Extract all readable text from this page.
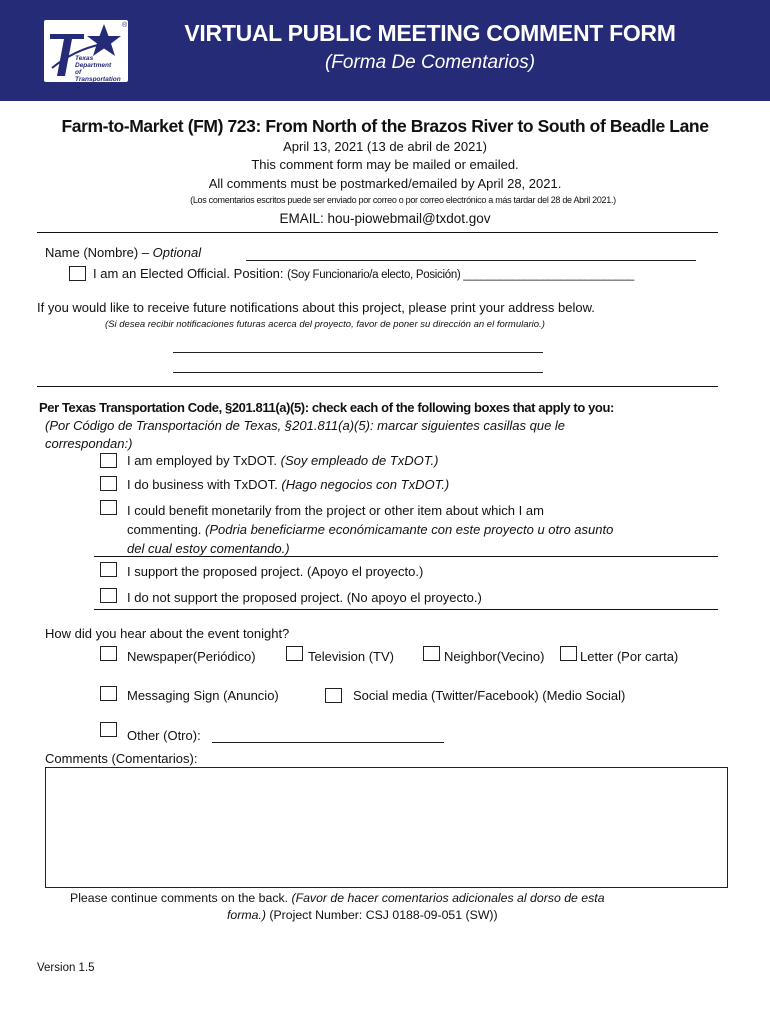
®
Texas
Department
of Transportation
VIRTUAL PUBLIC MEETING COMMENT FORM
(Forma De Comentarios)
Farm-to-Market (FM) 723: From North of the Brazos River to South of Beadle Lane
April 13, 2021 (13 de abril de 2021)
This comment form may be mailed or emailed.
All comments must be postmarked/emailed by April 28, 2021.
(Los comentarios escritos puede ser enviado por correo o por correo electrónico a más tardar del 28 de Abril 2021.)
EMAIL: hou-piowebmail@txdot.gov
Name (Nombre) – Optional
I am an Elected Official. Position: (Soy Funcionario/a electo, Posición) ____________________________
If you would like to receive future notifications about this project, please print your address below.
(Si desea recibir notificaciones futuras acerca del proyecto, favor de poner su dirección an el formulario.)
Per Texas Transportation Code, §201.811(a)(5): check each of the following boxes that apply to you:
(Por Código de Transportación de Texas, §201.811(a)(5): marcar siguientes casillas que le
correspondan:)
I am employed by TxDOT. (Soy empleado de TxDOT.)
I do business with TxDOT. (Hago negocios con TxDOT.)
I could benefit monetarily from the project or other item about which I am
commenting. (Podria beneficiarme económicamante con este proyecto u otro asunto
del cual estoy comentando.)
I support the proposed project. (Apoyo el proyecto.)
I do not support the proposed project. (No apoyo el proyecto.)
How did you hear about the event tonight?
Newspaper(Periódico)	Television (TV)	Neighbor(Vecino)	Letter (Por carta)
Messaging Sign (Anuncio)	Social media (Twitter/Facebook) (Medio Social)
Other (Otro):
Comments (Comentarios):
Please continue comments on the back. (Favor de hacer comentarios adicionales al dorso de esta
forma.) (Project Number: CSJ 0188-09-051 (SW))
Version 1.5
